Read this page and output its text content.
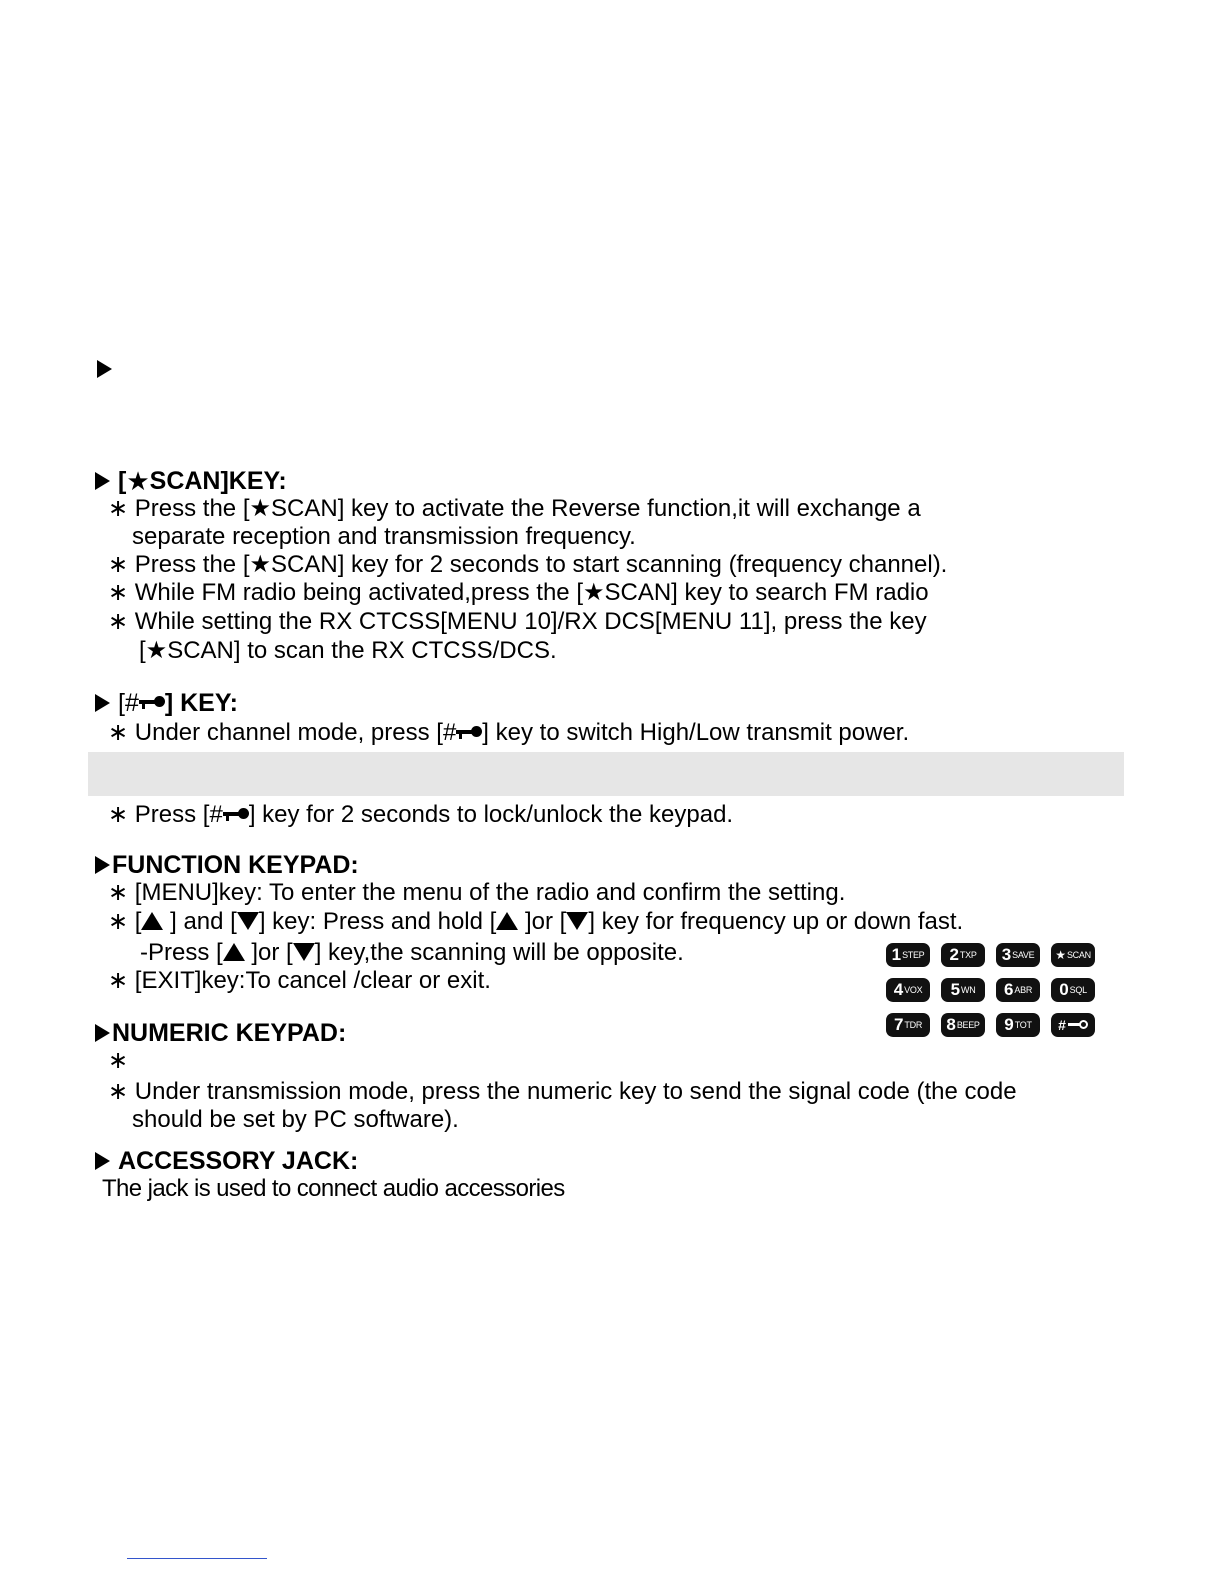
[ ★ SCAN]KEY:
∗ Press the [★SCAN] key to activate the Reverse function,it will exchange a
separate reception and transmission frequency.
∗ Press the [★SCAN] key for 2 seconds to start scanning (frequency channel).
∗ While FM radio being activated,press the [★SCAN] key to search FM radio
∗ While setting the RX CTCSS[MENU 10]/RX DCS[MENU 11], press the key
[★SCAN] to scan the RX CTCSS/DCS.
[# ] KEY:
∗ Under channel mode, press [# ] key to switch High/Low transmit power.
∗ Press [# ] key for 2 seconds to lock/unlock the keypad.
FUNCTION KEYPAD:
∗ [MENU]key: To enter the menu of the radio and confirm the setting.
∗ [ ] and [ ] key: Press and hold [ ]or [ ] key for frequency up or down fast.
-Press [ ]or [ ] key,the scanning will be opposite.
∗ [EXIT]key:To cancel /clear or exit.
NUMERIC KEYPAD:
∗
∗ Under transmission mode, press the numeric key to send the signal code (the code
should be set by PC software).
ACCESSORY JACK:
The jack is used to connect audio accessories
1 STEP 2 TXP 3 SAVE ★ SCAN
4 VOX 5 WN 6 ABR 0 SQL
7 TDR 8 BEEP 9 TOT #
